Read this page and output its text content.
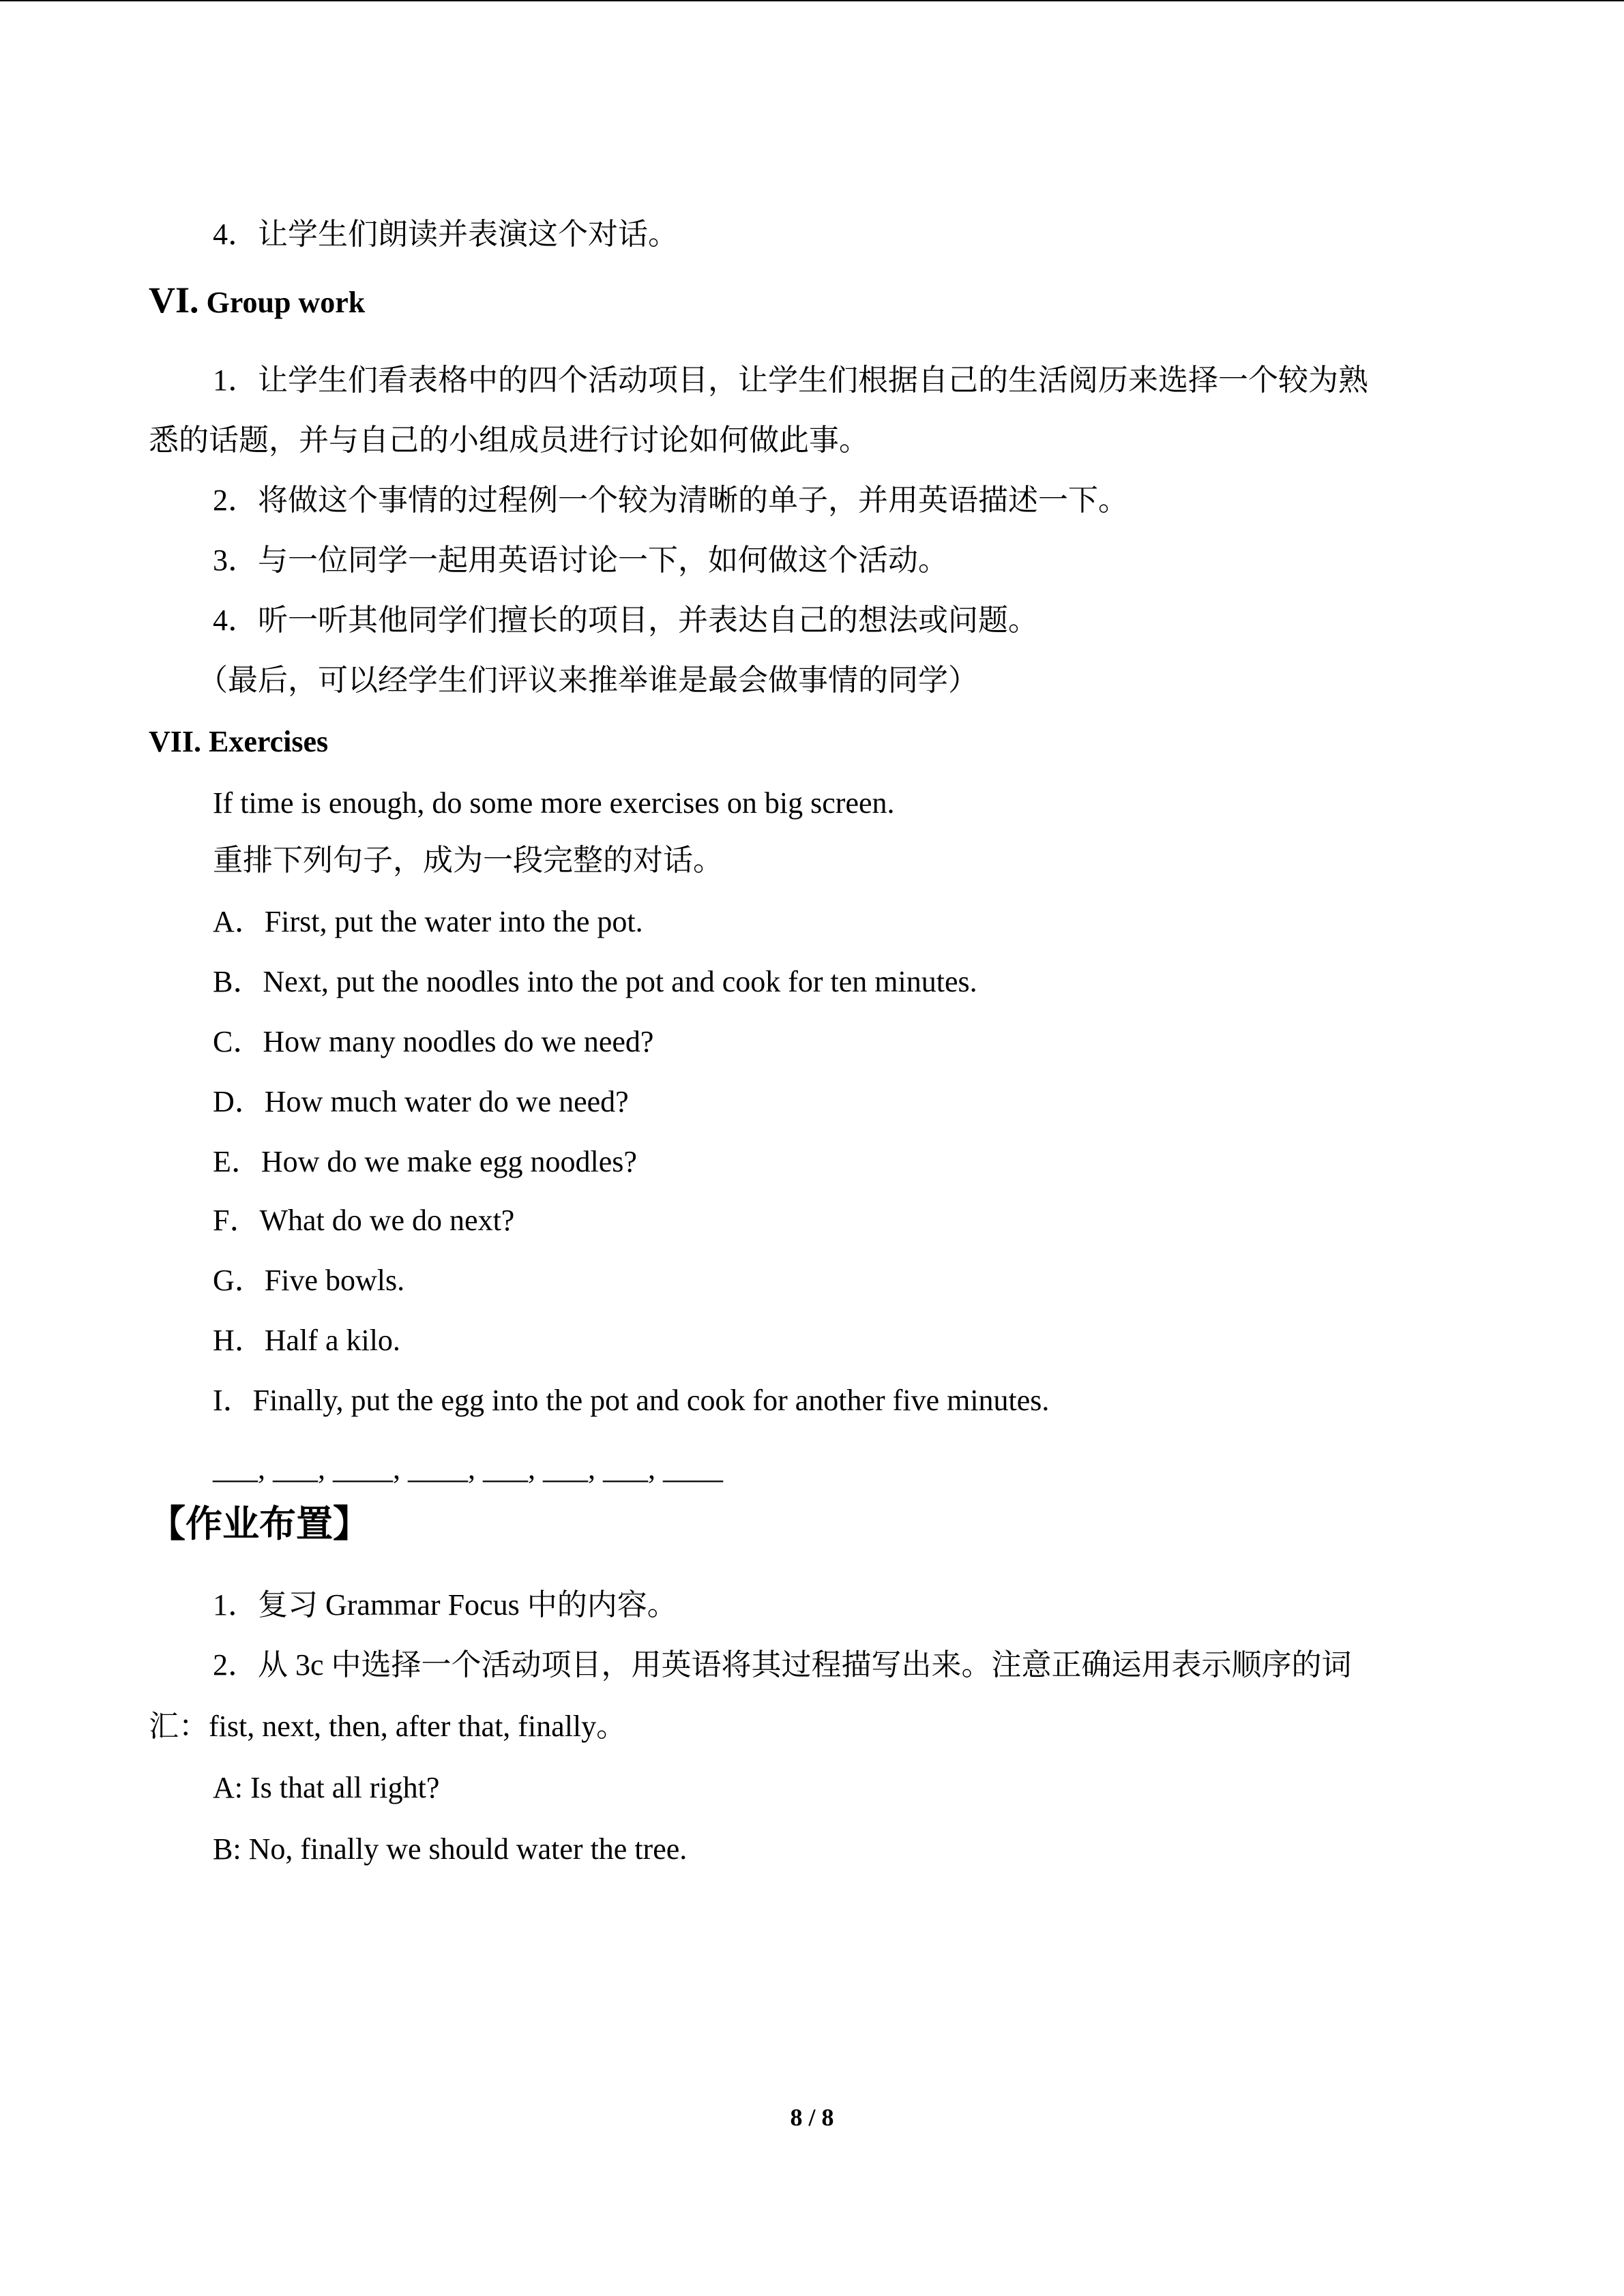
4．让学生们朗读并表演这个对话。
VI. Group work
1．让学生们看表格中的四个活动项目，让学生们根据自己的生活阅历来选择一个较为熟
悉的话题，并与自己的小组成员进行讨论如何做此事。
2．将做这个事情的过程例一个较为清晰的单子，并用英语描述一下。
3．与一位同学一起用英语讨论一下，如何做这个活动。
4．听一听其他同学们擅长的项目，并表达自己的想法或问题。
（最后，可以经学生们评议来推举谁是最会做事情的同学）
VII. Exercises
If time is enough, do some more exercises on big screen.
重排下列句子，成为一段完整的对话。
A．First, put the water into the pot.
B．Next, put the noodles into the pot and cook for ten minutes.
C．How many noodles do we need?
D．How much water do we need?
E．How do we make egg noodles?
F．What do we do next?
G．Five bowls.
H．Half a kilo.
I．Finally, put the egg into the pot and cook for another five minutes.
___, ___, ____, ____, ___, ___, ___, ____
【作业布置】
1．复习 Grammar Focus 中的内容。
2．从 3c 中选择一个活动项目，用英语将其过程描写出来。注意正确运用表示顺序的词
汇：fist, next, then, after that, finally。
A: Is that all right?
B: No, finally we should water the tree.
8 / 8
